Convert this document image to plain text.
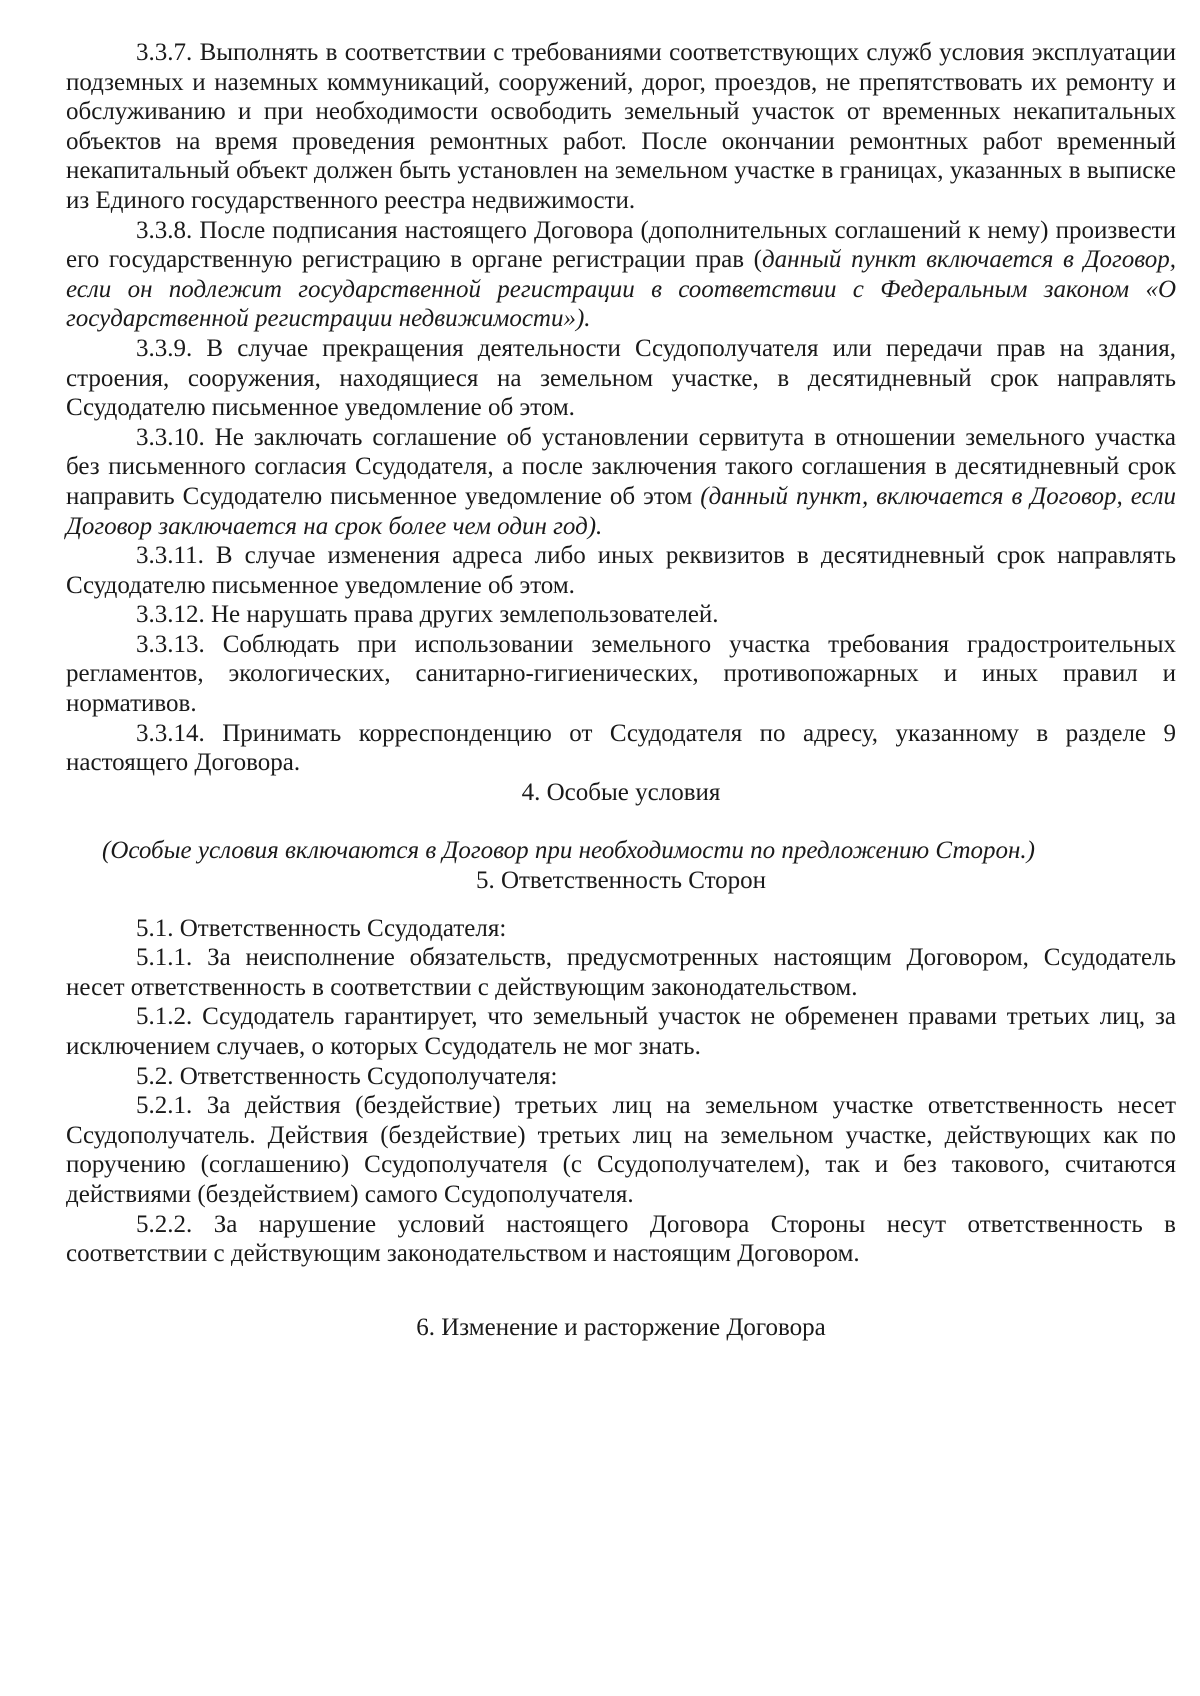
3.3.7. Выполнять в соответствии с требованиями соответствующих служб условия эксплуатации подземных и наземных коммуникаций, сооружений, дорог, проездов, не препятствовать их ремонту и обслуживанию и при необходимости освободить земельный участок от временных некапитальных объектов на время проведения ремонтных работ. После окончании ремонтных работ временный некапитальный объект должен быть установлен на земельном участке в границах, указанных в выписке из Единого государственного реестра недвижимости.

3.3.8. После подписания настоящего Договора (дополнительных соглашений к нему) произвести его государственную регистрацию в органе регистрации прав (данный пункт включается в Договор, если он подлежит государственной регистрации в соответствии с Федеральным законом «О государственной регистрации недвижимости»).

3.3.9. В случае прекращения деятельности Ссудополучателя или передачи прав на здания, строения, сооружения, находящиеся на земельном участке, в десятидневный срок направлять Ссудодателю письменное уведомление об этом.

3.3.10. Не заключать соглашение об установлении сервитута в отношении земельного участка без письменного согласия Ссудодателя, а после заключения такого соглашения в десятидневный срок направить Ссудодателю письменное уведомление об этом (данный пункт, включается в Договор, если Договор заключается на срок более чем один год).

3.3.11. В случае изменения адреса либо иных реквизитов в десятидневный срок направлять Ссудодателю письменное уведомление об этом.

3.3.12. Не нарушать права других землепользователей.

3.3.13. Соблюдать при использовании земельного участка требования градостроительных регламентов, экологических, санитарно-гигиенических, противопожарных и иных правил и нормативов.

3.3.14. Принимать корреспонденцию от Ссудодателя по адресу, указанному в разделе 9 настоящего Договора.

4. Особые условия

(Особые условия включаются в Договор при необходимости по предложению Сторон.)

5. Ответственность Сторон

5.1. Ответственность Ссудодателя:

5.1.1. За неисполнение обязательств, предусмотренных настоящим Договором, Ссудодатель несет ответственность в соответствии с действующим законодательством.

5.1.2. Ссудодатель гарантирует, что земельный участок не обременен правами третьих лиц, за исключением случаев, о которых Ссудодатель не мог знать.

5.2. Ответственность Ссудополучателя:

5.2.1. За действия (бездействие) третьих лиц на земельном участке ответственность несет Ссудополучатель. Действия (бездействие) третьих лиц на земельном участке, действующих как по поручению (соглашению) Ссудополучателя (с Ссудополучателем), так и без такового, считаются действиями (бездействием) самого Ссудополучателя.

5.2.2. За нарушение условий настоящего Договора Стороны несут ответственность в соответствии с действующим законодательством и настоящим Договором.

6. Изменение и расторжение Договора
